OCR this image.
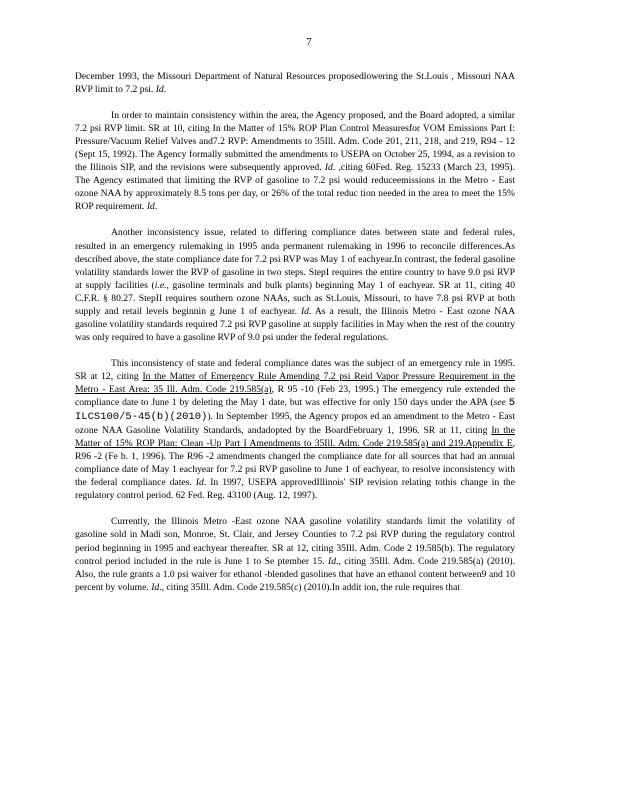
7

December 1993, the Missouri Department of Natural Resources proposedlowering the St.Louis , Missouri NAA RVP limit to 7.2 psi. Id.

In order to maintain consistency within the area, the Agency proposed, and the Board adopted, a similar 7.2 psi RVP limit. SR at 10, citing In the Matter of 15% ROP Plan Control Measuresfor VOM Emissions Part I: Pressure/Vacuum Relief Valves and7.2 RVP: Amendments to 35Ill. Adm. Code 201, 211, 218, and 219, R94 - 12 (Sept 15, 1992). The Agency formally submitted the amendments to USEPA on October 25, 1994, as a revision to the Illinois SIP, and the revisions were subsequently approved. Id. ,citing 60Fed. Reg. 15233 (March 23, 1995). The Agency estimated that limiting the RVP of gasoline to 7.2 psi would reduceemissions in the Metro - East ozone NAA by approximately 8.5 tons per day, or 26% of the total reduc tion needed in the area to meet the 15% ROP requirement. Id.

Another inconsistency issue, related to differing compliance dates between state and federal rules, resulted in an emergency rulemaking in 1995 anda permanent rulemaking in 1996 to reconcile differences.As described above, the state compliance date for 7.2 psi RVP was May 1 of eachyear.In contrast, the federal gasoline volatility standards lower the RVP of gasoline in two steps. StepI requires the entire country to have 9.0 psi RVP at supply facilities (i.e., gasoline terminals and bulk plants) beginning May 1 of eachyear. SR at 11, citing 40 C.F.R. § 80.27. StepII requires southern ozone NAAs, such as St.Louis, Missouri, to have 7.8 psi RVP at both supply and retail levels beginnin g June 1 of eachyear. Id. As a result, the Illinois Metro - East ozone NAA gasoline volatility standards required 7.2 psi RVP gasoline at supply facilities in May when the rest of the country was only required to have a gasoline RVP of 9.0 psi under the federal regulations.

This inconsistency of state and federal compliance dates was the subject of an emergency rule in 1995. SR at 12, citing In the Matter of Emergency Rule Amending 7.2 psi Reid Vapor Pressure Requirement in the Metro - East Area: 35 Ill. Adm. Code 219.585(a), R 95 -10 (Feb 23, 1995.) The emergency rule extended the compliance date to June 1 by deleting the May 1 date, but was effective for only 150 days under the APA (see 5 ILCS100/5-45(b)(2010)). In September 1995, the Agency propos ed an amendment to the Metro - East ozone NAA Gasoline Volatility Standards, andadopted by the BoardFebruary 1, 1996. SR at 11, citing In the Matter of 15% ROP Plan: Clean -Up Part I Amendments to 35Ill. Adm. Code 219.585(a) and 219.Appendix E, R96 -2 (Fe b. 1, 1996). The R96 -2 amendments changed the compliance date for all sources that had an annual compliance date of May 1 eachyear for 7.2 psi RVP gasoline to June 1 of eachyear, to resolve inconsistency with the federal compliance dates. Id. In 1997, USEPA approvedIllinois' SIP revision relating tothis change in the regulatory control period. 62 Fed. Reg. 43100 (Aug. 12, 1997).

Currently, the Illinois Metro -East ozone NAA gasoline volatility standards limit the volatility of gasoline sold in Madi son, Monroe, St. Clair, and Jersey Counties to 7.2 psi RVP during the regulatory control period beginning in 1995 and eachyear thereafter. SR at 12, citing 35Ill. Adm. Code 2 19.585(b). The regulatory control period included in the rule is June 1 to Se ptember 15. Id., citing 35Ill. Adm. Code 219.585(a) (2010). Also, the rule grants a 1.0 psi waiver for ethanol -blended gasolines that have an ethanol content between9 and 10 percent by volume. Id., citing 35Ill. Adm. Code 219.585(c) (2010).In addit ion, the rule requires that
